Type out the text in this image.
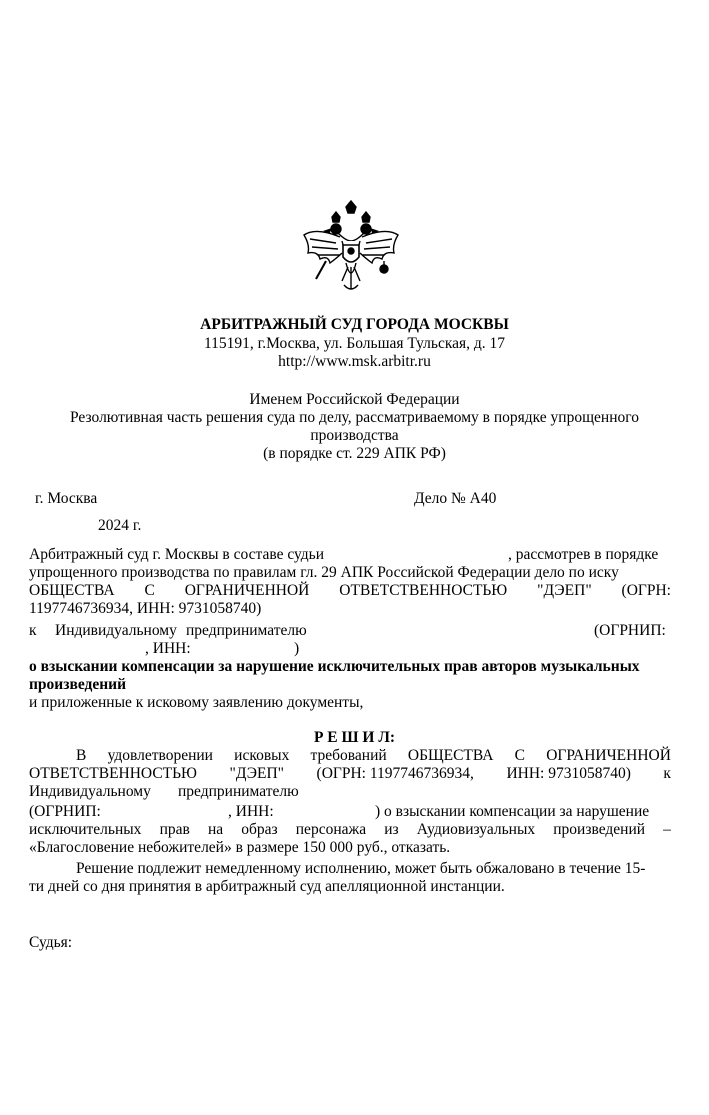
АРБИТРАЖНЫЙ СУД ГОРОДА МОСКВЫ
115191, г.Москва, ул. Большая Тульская, д. 17
http://www.msk.arbitr.ru
Именем Российской Федерации
Резолютивная часть решения суда по делу, рассматриваемому в порядке упрощенного
производства
(в порядке ст. 229 АПК РФ)
г. Москва	Дело № А40
2024 г.
Арбитражный суд г. Москвы в составе судьи	, рассмотрев в порядке
упрощенного производства по правилам гл. 29 АПК Российской Федерации дело по иску
ОБЩЕСТВА С ОГРАНИЧЕННОЙ ОТВЕТСТВЕННОСТЬЮ "ДЭЕП" (ОГРН:
1197746736934, ИНН: 9731058740)
к Индивидуальному предпринимателю	(ОГРНИП:
, ИНН:	)
о взыскании компенсации за нарушение исключительных прав авторов музыкальных
произведений
и приложенные к исковому заявлению документы,
Р Е Ш И Л:
В удовлетворении исковых требований ОБЩЕСТВА С ОГРАНИЧЕННОЙ
ОТВЕТСТВЕННОСТЬЮ "ДЭЕП" (ОГРН: 1197746736934, ИНН: 9731058740) к
Индивидуальному предпринимателю
(ОГРНИП:	, ИНН:	) о взыскании компенсации за нарушение
исключительных прав на образ персонажа из Аудиовизуальных произведений –
«Благословение небожителей» в размере 150 000 руб., отказать.
Решение подлежит немедленному исполнению, может быть обжаловано в течение 15-
ти дней со дня принятия в арбитражный суд апелляционной инстанции.
Судья:
